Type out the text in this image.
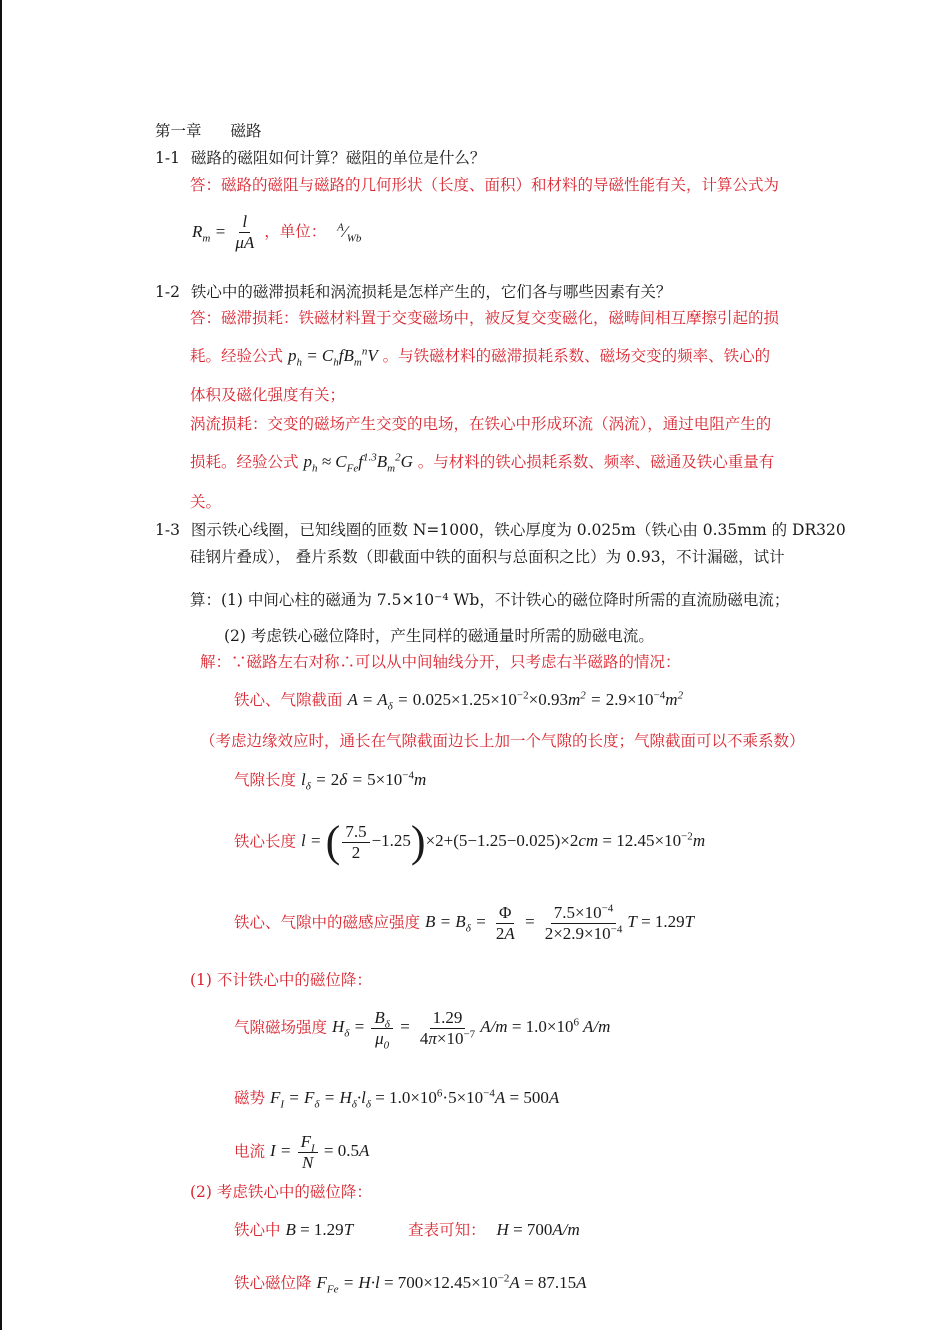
第一章 磁路
1-1 磁路的磁阻如何计算？磁阻的单位是什么？
答：磁路的磁阻与磁路的几何形状（长度、面积）和材料的导磁性能有关，计算公式为
$R_m = \frac{l}{\mu A}$ ，单位： $^A⁄_{Wb}$
1-2 铁心中的磁滞损耗和涡流损耗是怎样产生的，它们各与哪些因素有关？
答：磁滞损耗：铁磁材料置于交变磁场中，被反复交变磁化，磁畴间相互摩擦引起的损
耗。经验公式 $p_h = C_hfB_m^nV$ 。与铁磁材料的磁滞损耗系数、磁场交变的频率、铁心的
体积及磁化强度有关；
涡流损耗：交变的磁场产生交变的电场，在铁心中形成环流（涡流），通过电阻产生的
损耗。经验公式 $p_h \approx C_{Fe}f^{1.3}B_m^2G$ 。与材料的铁心损耗系数、频率、磁通及铁心重量有
关。
1-3 图示铁心线圈，已知线圈的匝数 N=1000，铁心厚度为 0.025m（铁心由 0.35mm 的 DR320
硅钢片叠成）， 叠片系数（即截面中铁的面积与总面积之比）为 0.93，不计漏磁，试计
算：(1) 中间心柱的磁通为 7.5×10⁻⁴ Wb，不计铁心的磁位降时所需的直流励磁电流；
(2) 考虑铁心磁位降时，产生同样的磁通量时所需的励磁电流。
解：∵磁路左右对称∴可以从中间轴线分开，只考虑右半磁路的情况：
铁心、气隙截面 $A = A_\delta = 0.025\times 1.25\times 10^{-2}\times 0.93m^2 = 2.9\times 10^{-4}m^2$
（考虑边缘效应时，通长在气隙截面边长上加一个气隙的长度；气隙截面可以不乘系数）
气隙长度 $l_\delta = 2\delta = 5\times 10^{-4}m$
铁心长度 l = ( $\frac{7.5}{2} -1.25)\times 2+(5-1.25-0.025)\times 2cm = 12.45\times 10^{-2}m$
铁心、气隙中的磁感应强度 $B = B_\delta = \frac{\Phi}{2A} = \frac{7.5\times 10^{-4}}{2\times 2.9\times 10^{-4}}$ T = 1.29T
(1) 不计铁心中的磁位降：
气隙磁场强度 $H_\delta = \frac{B_\delta}{\mu_0} = \frac{1.29}{4\pi\times 10^{-7}} A/m = 1.0\times 10^6$ A/m
磁势 $F_I = F_\delta = H_\delta\cdot l_\delta = 1.0\times 10^6\cdot 5\times 10^{-4}A = 500A$
电流 $I = \frac{F_I}{N} = 0.5A$
(2) 考虑铁心中的磁位降：
铁心中 B = 1.29T	查表可知： H = 700A/m
铁心磁位降 $F_{Fe} = H\cdot l = 700\times 12.45\times 10^{-2}A = 87.15A$
